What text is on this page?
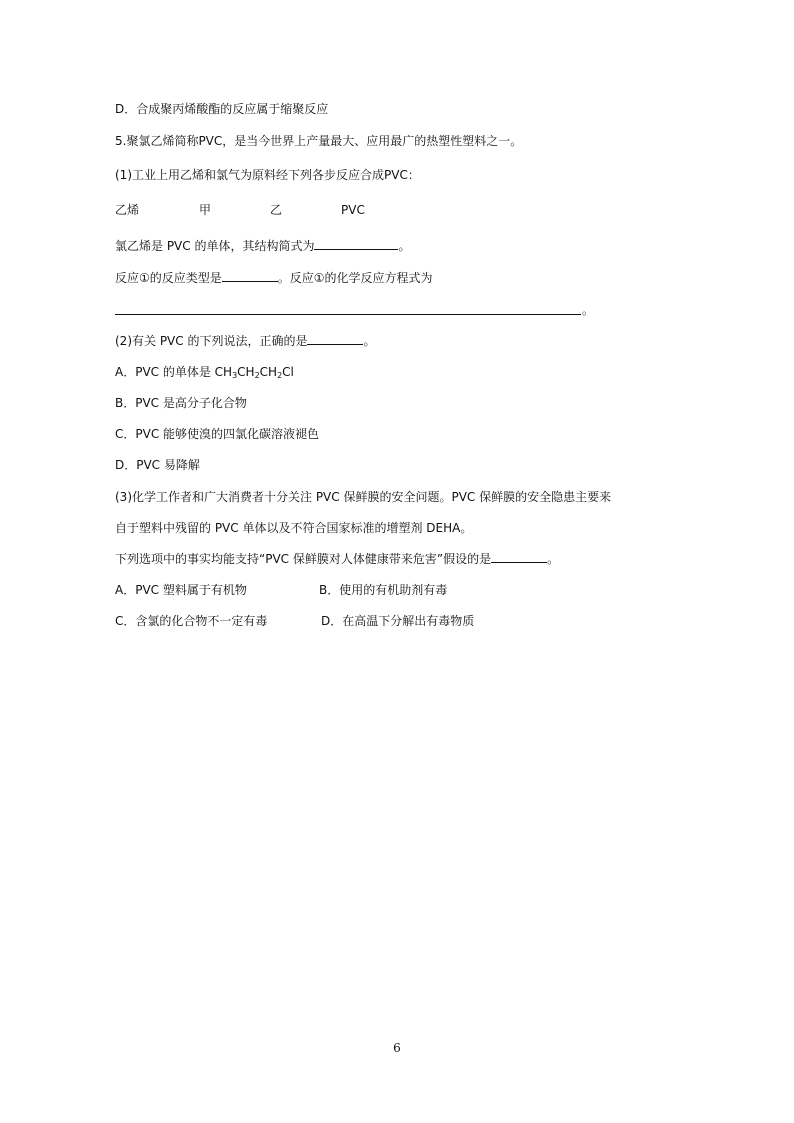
D．合成聚丙烯酸酯的反应属于缩聚反应
5.聚氯乙烯简称PVC，是当今世界上产量最大、应用最广的热塑性塑料之一。
(1)工业上用乙烯和氯气为原料经下列各步反应合成PVC：
乙烯	甲	乙	PVC
氯乙烯是 PVC 的单体，其结构简式为	。
反应①的反应类型是	。反应①的化学反应方程式为
。
(2)有关 PVC 的下列说法，正确的是	。
A．PVC 的单体是 $CH_3CH_2CH_2Cl$
B．PVC 是高分子化合物
C．PVC 能够使溴的四氯化碳溶液褪色
D．PVC 易降解
(3)化学工作者和广大消费者十分关注 PVC 保鲜膜的安全问题。PVC 保鲜膜的安全隐患主要来
自于塑料中残留的 PVC 单体以及不符合国家标准的增塑剂 DEHA。
下列选项中的事实均能支持“PVC 保鲜膜对人体健康带来危害”假设的是	。
A．PVC 塑料属于有机物	B．使用的有机助剂有毒
C．含氯的化合物不一定有毒	D．在高温下分解出有毒物质
6
